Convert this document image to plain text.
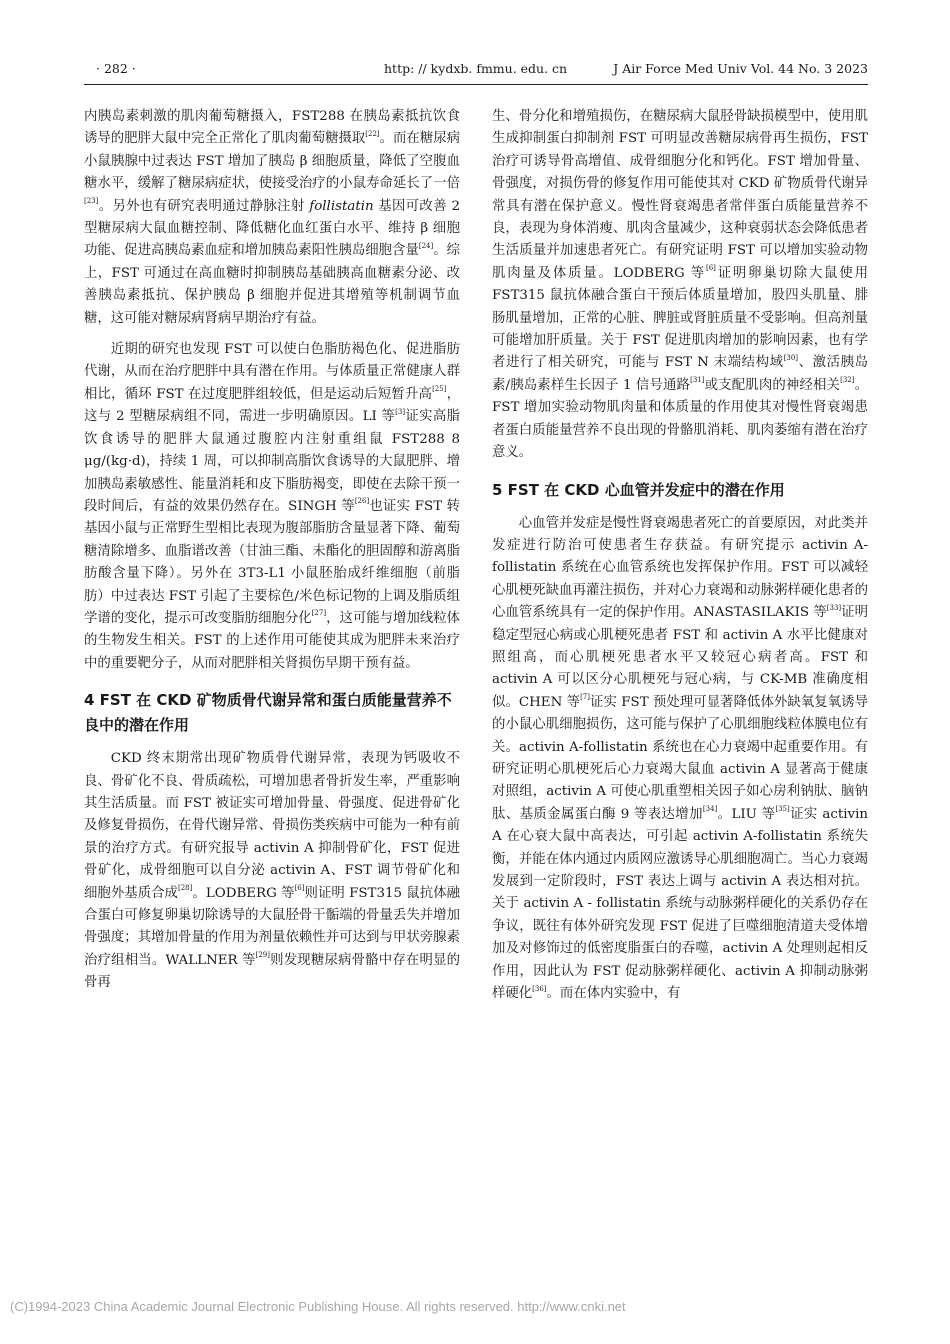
· 282 ·	http: // kydxb. fmmu. edu. cn	J Air Force Med Univ Vol. 44 No. 3 2023

内胰岛素刺激的肌肉葡萄糖摄入，FST288 在胰岛素抵抗饮食诱导的肥胖大鼠中完全正常化了肌肉葡萄糖摄取[22]。而在糖尿病小鼠胰腺中过表达 FST 增加了胰岛 β 细胞质量，降低了空腹血糖水平，缓解了糖尿病症状，使接受治疗的小鼠寿命延长了一倍[23]。另外也有研究表明通过静脉注射 follistatin 基因可改善 2 型糖尿病大鼠血糖控制、降低糖化血红蛋白水平、维持 β 细胞功能、促进高胰岛素血症和增加胰岛素阳性胰岛细胞含量[24]。综上，FST 可通过在高血糖时抑制胰岛基础胰高血糖素分泌、改善胰岛素抵抗、保护胰岛 β 细胞并促进其增殖等机制调节血糖，这可能对糖尿病肾病早期治疗有益。

近期的研究也发现 FST 可以使白色脂肪褐色化、促进脂肪代谢，从而在治疗肥胖中具有潜在作用。与体质量正常健康人群相比，循环 FST 在过度肥胖组较低，但是运动后短暂升高[25]，这与 2 型糖尿病组不同，需进一步明确原因。LI 等[3]证实高脂饮食诱导的肥胖大鼠通过腹腔内注射重组鼠 FST288 8 μg/(kg·d)，持续 1 周，可以抑制高脂饮食诱导的大鼠肥胖、增加胰岛素敏感性、能量消耗和皮下脂肪褐变，即使在去除干预一段时间后，有益的效果仍然存在。SINGH 等[26]也证实 FST 转基因小鼠与正常野生型相比表现为腹部脂肪含量显著下降、葡萄糖清除增多、血脂谱改善（甘油三酯、未酯化的胆固醇和游离脂肪酸含量下降）。另外在 3T3-L1 小鼠胚胎成纤维细胞（前脂肪）中过表达 FST 引起了主要棕色/米色标记物的上调及脂质组学谱的变化，提示可改变脂肪细胞分化[27]，这可能与增加线粒体的生物发生相关。FST 的上述作用可能使其成为肥胖未来治疗中的重要靶分子，从而对肥胖相关肾损伤早期干预有益。

4 FST 在 CKD 矿物质骨代谢异常和蛋白质能量营养不良中的潜在作用

CKD 终末期常出现矿物质骨代谢异常，表现为钙吸收不良、骨矿化不良、骨质疏松，可增加患者骨折发生率，严重影响其生活质量。而 FST 被证实可增加骨量、骨强度、促进骨矿化及修复骨损伤，在骨代谢异常、骨损伤类疾病中可能为一种有前景的治疗方式。有研究报导 activin A 抑制骨矿化，FST 促进骨矿化，成骨细胞可以自分泌 activin A、FST 调节骨矿化和细胞外基质合成[28]。LODBERG 等[6]则证明 FST315 鼠抗体融合蛋白可修复卵巢切除诱导的大鼠胫骨干骺端的骨量丢失并增加骨强度；其增加骨量的作用为剂量依赖性并可达到与甲状旁腺素治疗组相当。WALLNER 等[29]则发现糖尿病骨骼中存在明显的骨再

生、骨分化和增殖损伤，在糖尿病大鼠胫骨缺损模型中，使用肌生成抑制蛋白抑制剂 FST 可明显改善糖尿病骨再生损伤，FST 治疗可诱导骨高增值、成骨细胞分化和钙化。FST 增加骨量、骨强度，对损伤骨的修复作用可能使其对 CKD 矿物质骨代谢异常具有潜在保护意义。慢性肾衰竭患者常伴蛋白质能量营养不良，表现为身体消瘦、肌肉含量减少，这种衰弱状态会降低患者生活质量并加速患者死亡。有研究证明 FST 可以增加实验动物肌肉量及体质量。LODBERG 等[6]证明卵巢切除大鼠使用 FST315 鼠抗体融合蛋白干预后体质量增加，股四头肌量、腓肠肌量增加，正常的心脏、脾脏或肾脏质量不受影响。但高剂量可能增加肝质量。关于 FST 促进肌肉增加的影响因素，也有学者进行了相关研究，可能与 FST N 末端结构域[30]、激活胰岛素/胰岛素样生长因子 1 信号通路[31]或支配肌肉的神经相关[32]。FST 增加实验动物肌肉量和体质量的作用使其对慢性肾衰竭患者蛋白质能量营养不良出现的骨骼肌消耗、肌肉萎缩有潜在治疗意义。

5 FST 在 CKD 心血管并发症中的潜在作用

心血管并发症是慢性肾衰竭患者死亡的首要原因，对此类并发症进行防治可使患者生存获益。有研究提示 activin A-follistatin 系统在心血管系统也发挥保护作用。FST 可以减轻心肌梗死缺血再灌注损伤，并对心力衰竭和动脉粥样硬化患者的心血管系统具有一定的保护作用。ANASTASILAKIS 等[33]证明稳定型冠心病或心肌梗死患者 FST 和 activin A 水平比健康对照组高，而心肌梗死患者水平又较冠心病者高。FST 和 activin A 可以区分心肌梗死与冠心病，与 CK-MB 准确度相似。CHEN 等[7]证实 FST 预处理可显著降低体外缺氧复氧诱导的小鼠心肌细胞损伤，这可能与保护了心肌细胞线粒体膜电位有关。activin A-follistatin 系统也在心力衰竭中起重要作用。有研究证明心肌梗死后心力衰竭大鼠血 activin A 显著高于健康对照组，activin A 可使心肌重塑相关因子如心房利钠肽、脑钠肽、基质金属蛋白酶 9 等表达增加[34]。LIU 等[35]证实 activin A 在心衰大鼠中高表达，可引起 activin A-follistatin 系统失衡，并能在体内通过内质网应激诱导心肌细胞凋亡。当心力衰竭发展到一定阶段时，FST 表达上调与 activin A 表达相对抗。关于 activin A - follistatin 系统与动脉粥样硬化的关系仍存在争议，既往有体外研究发现 FST 促进了巨噬细胞清道夫受体增加及对修饰过的低密度脂蛋白的吞噬，activin A 处理则起相反作用，因此认为 FST 促动脉粥样硬化、activin A 抑制动脉粥样硬化[36]。而在体内实验中，有

(C)1994-2023 China Academic Journal Electronic Publishing House. All rights reserved. http://www.cnki.net
